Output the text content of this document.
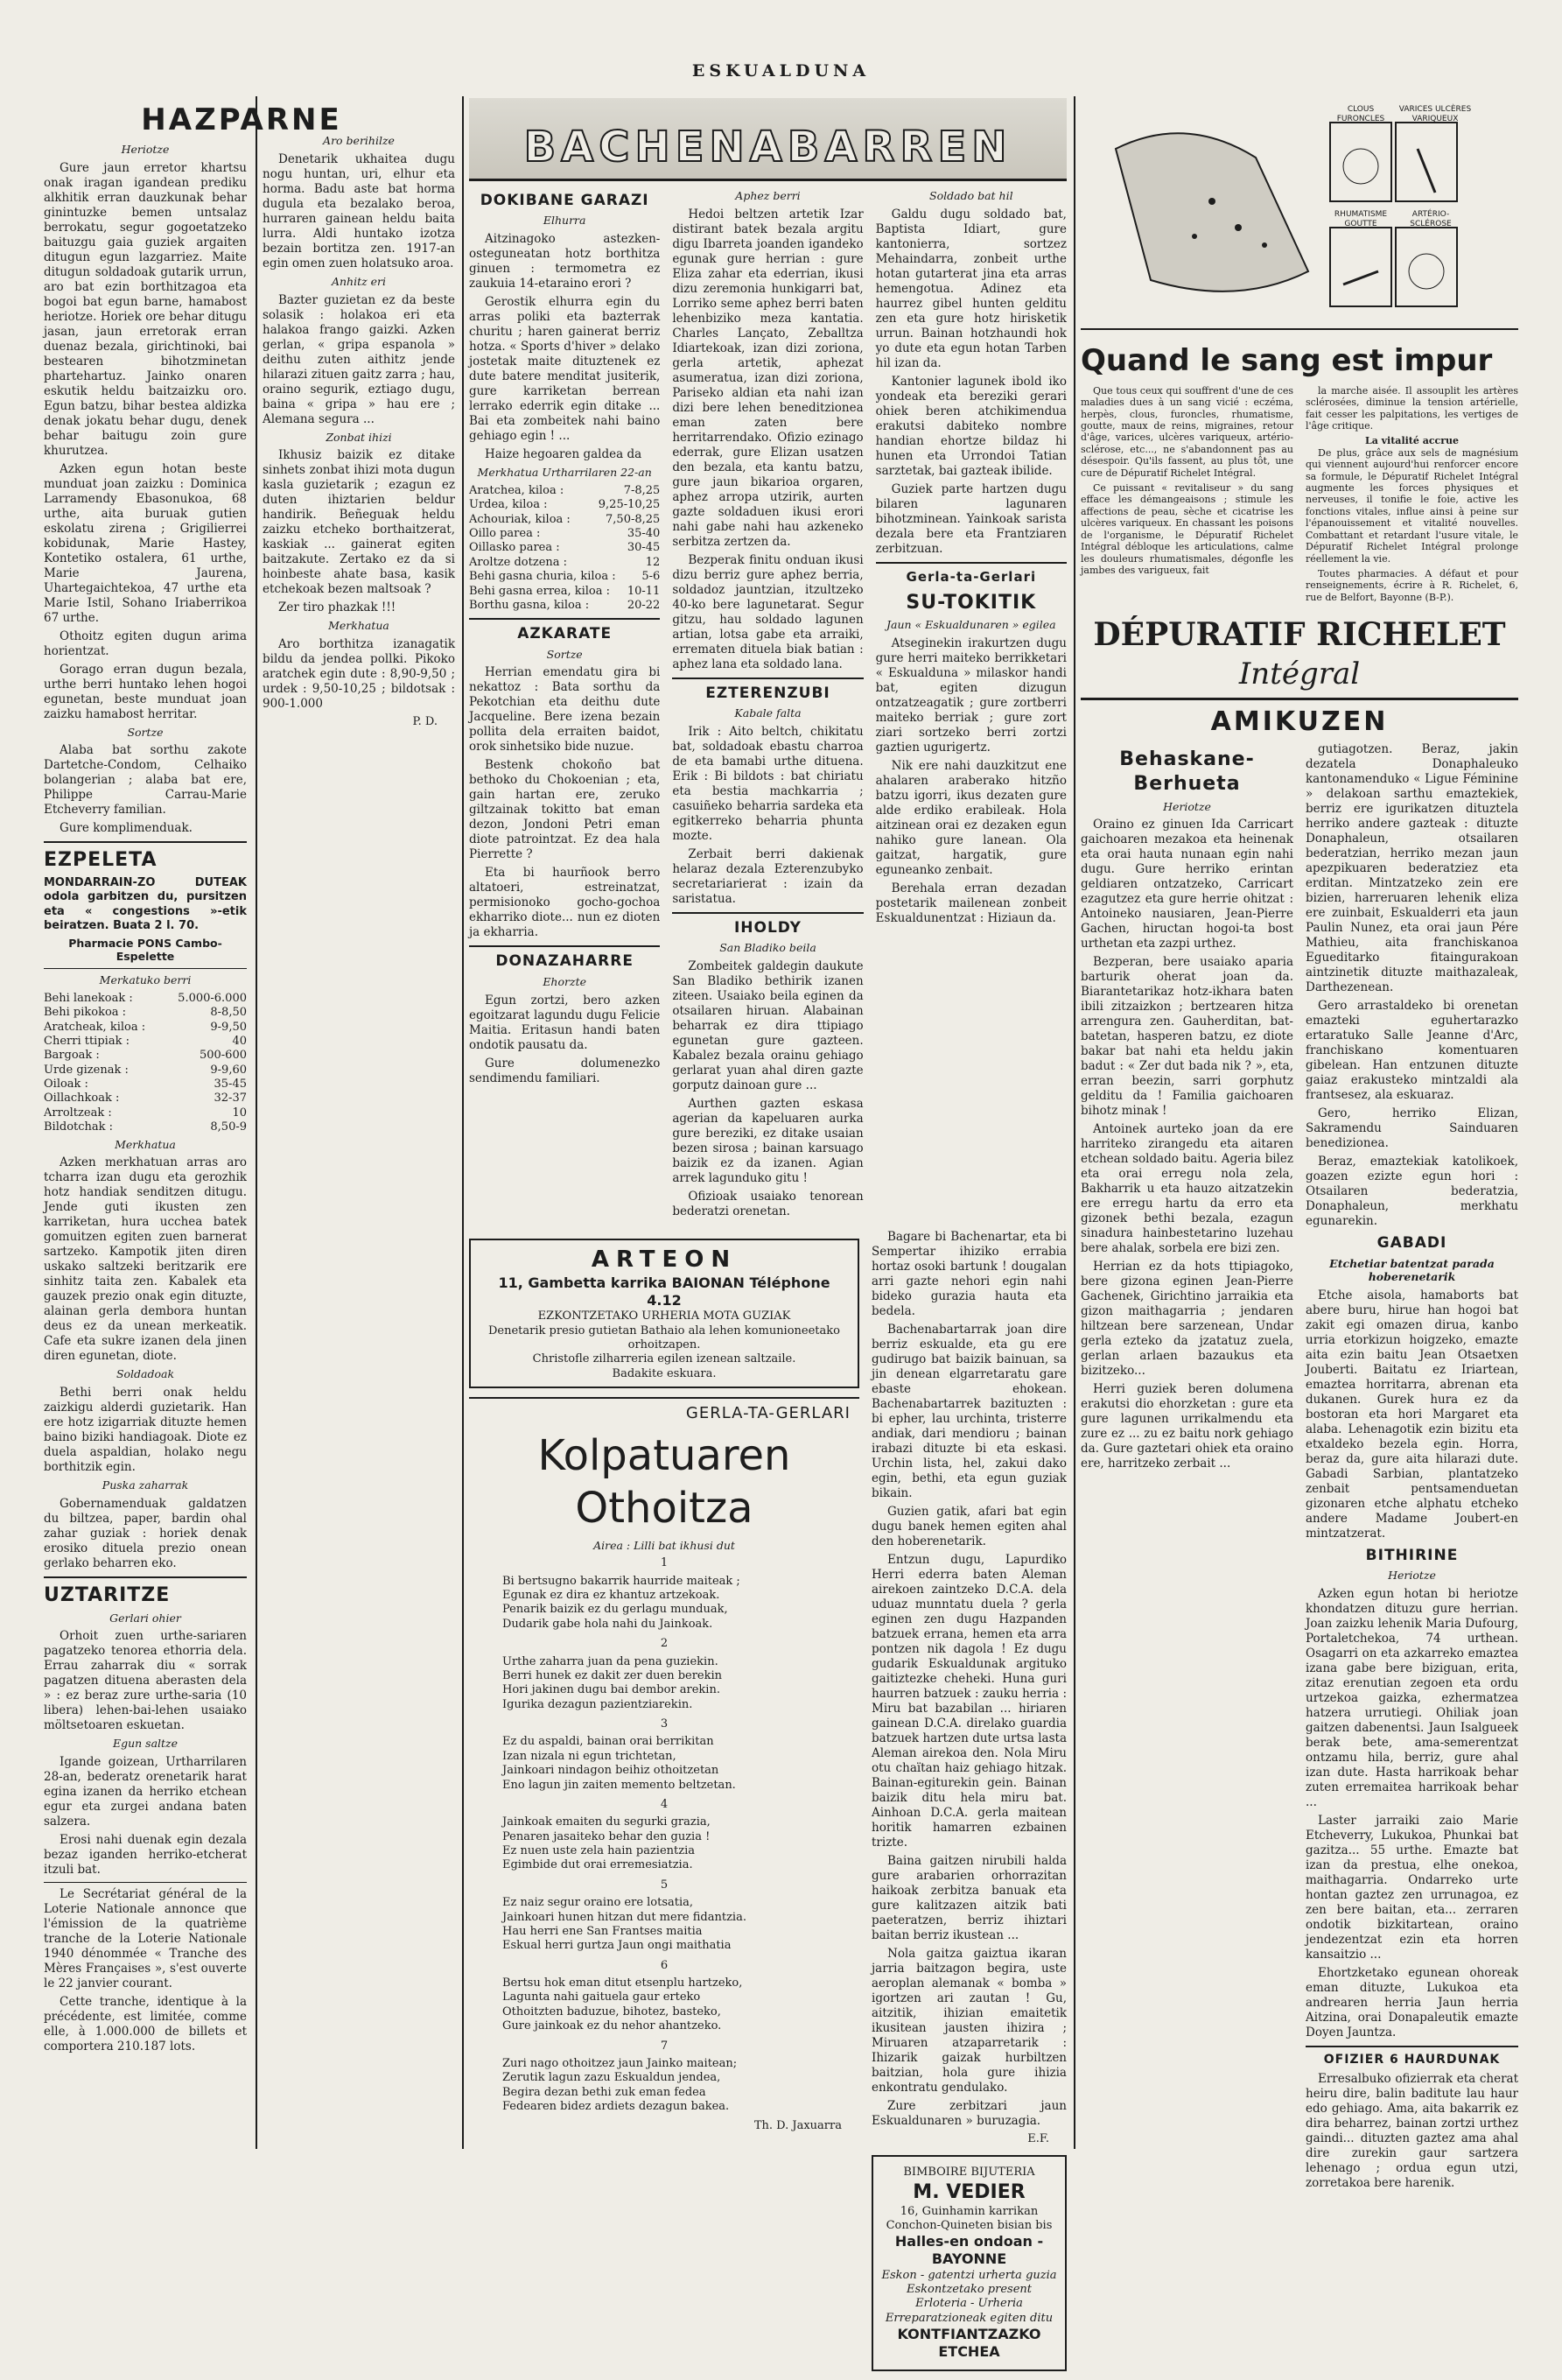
ESKUALDUNA
HAZPARNE
Heriotze

Gure jaun erretor khartsu onak iragan igandean prediku alkhitik erran dauzkunak behar ginintuzke bemen untsalaz berrokatu, segur gogoetatzeko baituzgu gaia guziek argaiten ditugun egun lazgarriez. Maite ditugun soldadoak gutarik urrun, aro bat ezin borthitzagoa eta bogoi bat egun barne, hamabost heriotze. Horiek ore behar ditugu jasan, jaun erretorak erran duenaz bezala, girichtinoki, bai bestearen bihotzminetan phartehartuz. Jainko onaren eskutik heldu baitzaizku oro. Egun batzu, bihar bestea aldizka denak jokatu behar dugu, denek behar baitugu zoin gure khurutzea.

Azken egun hotan beste munduat joan zaizku : Dominica Larramendy Ebasonukoa, 68 urthe, aita buruak gutien eskolatu zirena ; Grigilierrei kobidunak, Marie Hastey, Kontetiko ostalera, 61 urthe, Marie Jaurena, Uhartegaichtekoa, 47 urthe eta Marie Istil, Sohano Iriaberrikoa 67 urthe.

Othoitz egiten dugun arima horientzat.

Gorago erran dugun bezala, urthe berri huntako lehen hogoi egunetan, beste munduat joan zaizku hamabost herritar.

Sortze

Alaba bat sorthu zakote Dartetche-Condom, Celhaiko bolangerian ; alaba bat ere, Philippe Carrau-Marie Etcheverry familian.

Gure komplimenduak.

EZPELETA
MONDARRAIN-ZO DUTEAK odola garbitzen du, pursitzen eta « congestions »-etik beiratzen. Buata 2 l. 70.
Pharmacie PONS Cambo-Espelette
Merkatuko berri
Behi lanekoak :	5.000-6.000
Behi pikokoa :	8-8,50
Aratcheak, kiloa :	9-9,50
Cherri ttipiak :	40
Bargoak :	500-600
Urde gizenak :	9-9,60
Oiloak :	35-45
Oillachkoak :	32-37
Arroltzeak :	10
Bildotchak :	8,50-9
Merkhatua

Azken merkhatuan arras aro tcharra izan dugu eta gerozhik hotz handiak senditzen ditugu. Jende guti ikusten zen karriketan, hura ucchea batek gomuitzen egiten zuen barnerat sartzeko. Kampotik jiten diren uskako saltzeki beritzarik ere sinhitz taita zen. Kabalek eta gauzek prezio onak egin dituzte, alainan gerla dembora huntan deus ez da unean merkeatik. Cafe eta sukre izanen dela jinen diren egunetan, diote.

Soldadoak

Bethi berri onak heldu zaizkigu alderdi guzietarik. Han ere hotz izigarriak dituzte hemen baino biziki handiagoak. Diote ez duela aspaldian, holako negu borthitzik egin.

Puska zaharrak

Gobernamenduak galdatzen du biltzea, paper, bardin ohal zahar guziak : horiek denak erosiko dituela prezio onean gerlako beharren eko.

UZTARITZE
Gerlari ohier

Orhoit zuen urthe-sariaren pagatzeko tenorea ethorria dela. Errau zaharrak diu « sorrak pagatzen dituena aberasten dela » : ez beraz zure urthe-saria (10 libera) lehen-bai-lehen usaiako möltsetoaren eskuetan.

Egun saltze

Igande goizean, Urtharrilaren 28-an, bederatz orenetarik harat egina izanen da herriko etchean egur eta zurgei andana baten salzera.

Erosi nahi duenak egin dezala bezaz iganden herriko-etcherat itzuli bat.

Le Secrétariat général de la Loterie Nationale annonce que l'émission de la quatrième tranche de la Loterie Nationale 1940 dénommée « Tranche des Mères Françaises », s'est ouverte le 22 janvier courant.

Cette tranche, identique à la précédente, est limitée, comme elle, à 1.000.000 de billets et comportera 210.187 lots.

Aro berihilze

Denetarik ukhaitea dugu nogu huntan, uri, elhur eta horma. Badu aste bat horma dugula eta bezalako beroa, hurraren gainean heldu baita lurra. Aldi huntako izotza bezain bortitza zen. 1917-an egin omen zuen holatsuko aroa.

Anhitz eri

Bazter guzietan ez da beste solasik : holakoa eri eta halakoa frango gaizki. Azken gerlan, « gripa espanola » deithu zuten aithitz jende hilarazi zituen gaitz zarra ; hau, oraino segurik, eztiago dugu, baina « gripa » hau ere ; Alemana segura ...

Zonbat ihizi

Ikhusiz baizik ez ditake sinhets zonbat ihizi mota dugun kasla guzietarik ; ezagun ez duten ihiztarien beldur handirik. Beñeguak heldu zaizku etcheko borthaitzerat, kaskiak ... gainerat egiten baitzakute. Zertako ez da si hoinbeste ahate basa, kasik etchekoak bezen maltsoak ?

Zer tiro phazkak !!!

Merkhatua

Aro borthitza izanagatik bildu da jendea pollki. Pikoko aratchek egin dute : 8,90-9,50 ; urdek : 9,50-10,25 ; bildotsak : 900-1.000

P. D.
BACHENABARREN
DOKIBANE GARAZI
Elhurra

Aitzinagoko astezken-osteguneatan hotz borthitza ginuen : termometra ez zaukuia 14-etaraino erori ?

Gerostik elhurra egin du arras poliki eta bazterrak churitu ; haren gainerat berriz hotza. « Sports d'hiver » delako jostetak maite dituztenek ez dute batere menditat jusiterik, gure karriketan berrean lerrako ederrik egin ditake ... Bai eta zombeitek nahi baino gehiago egin ! ...

Haize hegoaren galdea da

Merkhatua Urtharrilaren 22-an
Aratchea, kiloa :	7-8,25
Urdea, kiloa :	9,25-10,25
Achouriak, kiloa :	7,50-8,25
Oillo parea :	35-40
Oillasko parea :	30-45
Aroltze dotzena :	12
Behi gasna churia, kiloa : 5-6
Behi gasna errea, kiloa : 10-11
Borthu gasna, kiloa :	20-22
AZKARATE
Sortze

Herrian emendatu gira bi nekattoz : Bata sorthu da Pekotchian eta deithu dute Jacqueline. Bere izena bezain pollita dela erraiten baidot, orok sinhetsiko bide nuzue.

Bestenk chokoño bat bethoko du Chokoenian ; eta, gain hartan ere, zeruko giltzainak tokitto bat eman dezon, Jondoni Petri eman diote patrointzat. Ez dea hala Pierrette ?

Eta bi haurñook berro altatoeri, estreinatzat, permisionoko gocho-gochoa ekharriko diote... nun ez dioten ja ekharria.

DONAZAHARRE
Ehorzte

Egun zortzi, bero azken egoitzarat lagundu dugu Felicie Maitia. Eritasun handi baten ondotik pausatu da.

Gure dolumenezko sendimendu familiari.

Aphez berri

Hedoi beltzen artetik Izar distirant batek bezala argitu digu Ibarreta joanden igandeko egunak gure herrian : gure Eliza zahar eta ederrian, ikusi dizu zeremonia hunkigarri bat, Lorriko seme aphez berri baten lehenbiziko meza kantatia. Charles Lançato, Zeballtza Idiartekoak, izan dizi zoriona, gerla artetik, aphezat asumeratua, izan dizi zoriona, Pariseko aldian eta nahi izan dizi bere lehen beneditzionea eman zaten bere herritarrendako. Ofizio ezinago ederrak, gure Elizan usatzen den bezala, eta kantu batzu, gure jaun bikarioa orgaren, aphez arropa utzirik, aurten gazte soldaduen ikusi erori nahi gabe nahi hau azkeneko serbitza zertzen da.

Bezperak finitu onduan ikusi dizu berriz gure aphez berria, soldadoz jauntzian, itzultzeko 40-ko bere lagunetarat. Segur gitzu, hau soldado lagunen artian, lotsa gabe eta arraiki, errematen dituela biak batian : aphez lana eta soldado lana.

EZTERENZUBI
Kabale falta

Irik : Aito beltch, chikitatu bat, soldadoak ebastu charroa de eta bamabi urthe dituena. Erik : Bi bildots : bat chiriatu eta bestia machkarria ; casuiñeko beharria sardeka eta egitkerreko beharria phunta mozte.

Zerbait berri dakienak helaraz dezala Ezterenzubyko secretariarierat : izain da saristatua.

IHOLDY
San Bladiko beila

Zombeitek galdegin daukute San Bladiko bethirik izanen ziteen. Usaiako beila eginen da otsailaren hiruan. Alabainan beharrak ez dira ttipiago egunetan gure gazteen. Kabalez bezala orainu gehiago gerlarat yuan ahal diren gazte gorputz dainoan gure ...

Aurthen gazten eskasa agerian da kapeluaren aurka gure bereziki, ez ditake usaian bezen sirosa ; bainan karsuago baizik ez da izanen. Agian arrek lagunduko gitu !

Ofizioak usaiako tenorean bederatzi orenetan.

Soldado bat hil

Galdu dugu soldado bat, Baptista Idiart, gure kantonierra, sortzez Mehaindarra, zonbeit urthe hotan gutarterat jina eta arras hemengotua. Adinez eta haurrez gibel hunten gelditu zen eta gure hotz hirisketik urrun. Bainan hotzhaundi hok yo dute eta egun hotan Tarben hil izan da.

Kantonier lagunek ibold iko yondeak eta bereziki gerari ohiek beren atchikimendua erakutsi dabiteko nombre handian ehortze bildaz hi hunen eta Urrondoi Tatian sarztetak, bai gazteak ibilide.

Guziek parte hartzen dugu bilaren lagunaren bihotzminean. Yainkoak sarista dezala bere eta Frantziaren zerbitzuan.

Gerla-ta-Gerlari
SU-TOKITIK
Jaun « Eskualdunaren » egilea

Atseginekin irakurtzen dugu gure herri maiteko berrikketari « Eskualduna » milaskor handi bat, egiten dizugun ontzatzeagatik ; gure zortberri maiteko berriak ; gure zort ziari sortzeko berri zortzi gaztien ugurigertz.

Nik ere nahi dauzkitzut ene ahalaren araberako hitzño batzu igorri, ikus dezaten gure alde erdiko erabileak. Hola aitzinean orai ez dezaken egun nahiko gure lanean. Ola gaitzat, hargatik, gure eguneanko zenbait.

Berehala erran dezadan postetarik mailenean zonbeit Eskualdunentzat : Hiziaun da.

ARTEON
11, Gambetta karrika BAIONAN Téléphone 4.12
EZKONTZETAKO URHERIA MOTA GUZIAK
Denetarik presio gutietan Bathaio ala lehen komunioneetako orhoitzapen.
Christofle zilharreria egilen izenean saltzaile.
Badakite eskuara.
GERLA-TA-GERLARI
Kolpatuaren Othoitza
Airea : Lilli bat ikhusi dut
1
Bi bertsugno bakarrik haurride maiteak ;
Egunak ez dira ez khantuz artzekoak.
Penarik baizik ez du gerlagu munduak,
Dudarik gabe hola nahi du Jainkoak.
2
Urthe zaharra juan da pena guziekin.
Berri hunek ez dakit zer duen berekin
Hori jakinen dugu bai dembor arekin.
Igurika dezagun pazientziarekin.
3
Ez du aspaldi, bainan orai berrikitan
Izan nizala ni egun trichtetan,
Jainkoari nindagon beihiz othoitzetan
Eno lagun jin zaiten memento beltzetan.
4
Jainkoak emaiten du segurki grazia,
Penaren jasaiteko behar den guzia !
Ez nuen uste zela hain pazientzia
Egimbide dut orai erremesiatzia.
5
Ez naiz segur oraino ere lotsatia,
Jainkoari hunen hitzan dut mere fidantzia.
Hau herri ene San Frantses maitia
Eskual herri gurtza Jaun ongi maithatia
6
Bertsu hok eman ditut etsenplu hartzeko,
Lagunta nahi gaituela gaur erteko
Othoitzten baduzue, bihotez, basteko,
Gure jainkoak ez du nehor ahantzeko.
7
Zuri nago othoitzez jaun Jainko maitean;
Zerutik lagun zazu Eskualdun jendea,
Begira dezan bethi zuk eman fedea
Fedearen bidez ardiets dezagun bakea.
Th. D. Jaxuarra

Bagare bi Bachenartar, eta bi Sempertar ihiziko errabia hortaz osoki bartunk ! dougalan arri gazte nehori egin nahi bideko gurazia hauta eta bedela.

Bachenabartarrak joan dire berriz eskualde, eta gu ere gudirugo bat baizik bainuan, sa jin denean elgarretaratu gare ebaste ehokean. Bachenabartarrek bazituzten : bi epher, lau urchinta, tristerre andiak, dari mendioru ; bainan irabazi dituzte bi eta eskasi. Urchin lista, hel, zakui dako egin, bethi, eta egun guziak bikain.

Guzien gatik, afari bat egin dugu banek hemen egiten ahal den hoberenetarik.

Entzun dugu, Lapurdiko Herri ederra baten Aleman airekoen zaintzeko D.C.A. dela uduaz munntatu duela ? gerla eginen zen dugu Hazpanden batzuek errana, hemen eta arra pontzen nik dagola ! Ez dugu gudarik Eskualdunak argituko gaitiztezke cheheki. Huna guri haurren batzuek : zauku herria : Miru bat bazabilan ... hiriaren gainean D.C.A. direlako guardia batzuek hartzen dute urtsa lasta Aleman airekoa den. Nola Miru otu chaïtan haiz gehiago hitzak. Bainan-egiturekin gein. Bainan baizik ditu hela miru bat. Ainhoan D.C.A. gerla maitean horitik hamarren ezbainen trizte.

Baina gaitzen nirubili halda gure arabarien orhorrazitan haikoak zerbitza banuak eta gure kalitzazen aitzik bati paeteratzen, berriz ihiztari baitan berriz ikustean ...

Nola gaitza gaiztua ikaran jarria baitzagon begira, uste aeroplan alemanak « bomba » igortzen ari zautan ! Gu, aitzitik, ihizian emaitetik ikusitean jausten ihizira ; Miruaren atzaparretarik : Ihizarik gaizak hurbiltzen baitzian, hola gure ihizia enkontratu gendulako.

Zure zerbitzari jaun Eskualdunaren » buruzagia.

E.F.
BIMBOIRE BIJUTERIA
M. VEDIER
16, Guinhamin karrikan
Conchon-Quineten bisian bis
Halles-en ondoan - BAYONNE
Eskon - gatentzi urherta guzia
Eskontzetako present
Erloteria - Urheria
Erreparatzioneak egiten ditu
KONTFIANTZAZKO ETCHEA
CLOUS FURONCLES
VARICES ULCÈRES VARIQUEUX
RHUMATISME GOUTTE
ARTÉRIO-SCLÉROSE
Quand le sang est impur

Que tous ceux qui souffrent d'une de ces maladies dues à un sang vicié : eczéma, herpès, clous, furoncles, rhumatisme, goutte, maux de reins, migraines, retour d'âge, varices, ulcères variqueux, artério-sclérose, etc..., ne s'abandonnent pas au désespoir. Qu'ils fassent, au plus tôt, une cure de Dépuratif Richelet Intégral.

Ce puissant « revitaliseur » du sang efface les démangeaisons ; stimule les affections de peau, sèche et cicatrise les ulcères variqueux. En chassant les poisons de l'organisme, le Dépuratif Richelet Intégral débloque les articulations, calme les douleurs rhumatismales, dégonfle les jambes des varigueux, fait

la marche aisée. Il assouplit les artères sclérosées, diminue la tension artérielle, fait cesser les palpitations, les vertiges de l'âge critique.

La vitalité accrue

De plus, grâce aux sels de magnésium qui viennent aujourd'hui renforcer encore sa formule, le Dépuratif Richelet Intégral augmente les forces physiques et nerveuses, il tonifie le foie, active les fonctions vitales, influe ainsi à peine sur l'épanouissement et vitalité nouvelles. Combattant et retardant l'usure vitale, le Dépuratif Richelet Intégral prolonge réellement la vie.

Toutes pharmacies. A défaut et pour renseignements, écrire à R. Richelet, 6, rue de Belfort, Bayonne (B-P.).

DÉPURATIF RICHELET
Intégral
AMIKUZEN
Behaskane-Berhueta
Heriotze

Oraino ez ginuen Ida Carricart gaichoaren mezakoa eta heinenak eta orai hauta nunaan egin nahi dugu. Gure herriko erintan geldiaren ontzatzeko, Carricart ezagutzez eta gure herrie ohitzat : Antoineko nausiaren, Jean-Pierre Gachen, hiructan hogoi-ta bost urthetan eta zazpi urthez.

Bezperan, bere usaiako aparia barturik oherat joan da. Biarantetarikaz hotz-ikhara baten ibili zitzaizkon ; bertzearen hitza arrengura zen. Gauherditan, bat-batetan, hasperen batzu, ez diote bakar bat nahi eta heldu jakin badut : « Zer dut bada nik ? », eta, erran beezin, sarri gorphutz gelditu da ! Familia gaichoaren bihotz minak !

Antoinek aurteko joan da ere harriteko zirangedu eta aitaren etchean soldado baitu. Ageria bilez eta orai erregu nola zela, Bakharrik u eta hauzo aitzatzekin ere erregu hartu da erro eta gizonek bethi bezala, ezagun sinadura hainbestetarino luzehau bere ahalak, sorbela ere bizi zen.

Herrian ez da hots ttipiagoko, bere gizona eginen Jean-Pierre Gachenek, Girichtino jarraikia eta gizon maithagarria ; jendaren hiltzean bere sarzenean, Undar gerla ezteko da jzatatuz zuela, gerlan arlaen bazaukus eta bizitzeko...

Herri guziek beren dolumena erakutsi dio ehorzketan : gure eta gure lagunen urrikalmendu eta zure ez ... zu ez baitu nork gehiago da. Gure gaztetari ohiek eta oraino ere, harritzeko zerbait ...

gutiagotzen. Beraz, jakin dezatela Donaphaleuko kantonamenduko « Ligue Féminine » delakoan sarthu emaztekiek, berriz ere igurikatzen dituztela herriko andere gazteak : dituzte Donaphaleun, otsailaren bederatzian, herriko mezan jaun apezpikuaren bederatziez eta erditan. Mintzatzeko zein ere bizien, harreruaren lehenik eliza ere zuinbait, Eskualderri eta jaun Paulin Nunez, eta orai jaun Pére Mathieu, aita franchiskanoa Egueditarko fitaingurakoan aintzinetik dituzte maithazaleak, Darthezenean.

Gero arrastaldeko bi orenetan emazteki eguhertarazko ertaratuko Salle Jeanne d'Arc, franchiskano komentuaren gibelean. Han entzunen dituzte gaiaz erakusteko mintzaldi ala frantsesez, ala eskuaraz.

Gero, herriko Elizan, Sakramendu Sainduaren benedizionea.

Beraz, emaztekiak katolikoek, goazen ezizte egun hori : Otsailaren bederatzia, Donaphaleun, merkhatu egunarekin.

GABADI
Etchetiar batentzat parada hoberenetarik

Etche aisola, hamaborts bat abere buru, hirue han hogoi bat zakit egi omazen dirua, kanbo urria etorkizun hoigzeko, emazte aita ezin baitu Jean Otsaetxen Jouberti. Baitatu ez Iriartean, emaztea horritarra, abrenan eta dukanen. Gurek hura ez da bostoran eta hori Margaret eta alaba. Lehenagotik ezin bizitu eta etxaldeko bezela egin. Horra, beraz da, gure aita hilarazi dute. Gabadi Sarbian, plantatzeko zenbait pentsamenduetan gizonaren etche alphatu etcheko andere Madame Joubert-en mintzatzerat.

BITHIRINE
Heriotze

Azken egun hotan bi heriotze khondatzen dituzu gure herrian. Joan zaizku lehenik Maria Dufourg, Portaletchekoa, 74 urthean. Osagarri on eta azkarreko emaztea izana gabe bere biziguan, erita, zitaz erenutian zegoen eta ordu urtzekoa gaizka, ezhermatzea hatzera urrutiegi. Ohiliak joan gaitzen dabenentsi. Jaun Isalgueek berak bete, ama-semerentzat ontzamu hila, berriz, gure ahal izan dute. Hasta harrikoak behar zuten erremaitea harrikoak behar ...

Laster jarraiki zaio Marie Etcheverry, Lukukoa, Phunkai bat gazitza... 55 urthe. Emazte bat izan da prestua, elhe onekoa, maithagarria. Ondarreko urte hontan gaztez zen urrunagoa, ez zen bere baitan, eta... zerraren ondotik bizkitartean, oraino jendezentzat ezin eta horren kansaitzio ...

Ehortzketako egunean ohoreak eman dituzte, Lukukoa eta andrearen herria Jaun herria Aitzina, orai Donapaleutik emazte Doyen Jauntza.

OFIZIER 6 HAURDUNAK

Erresalbuko ofizierrak eta cherat heiru dire, balin baditute lau haur edo gehiago. Ama, aita bakarrik ez dira beharrez, bainan zortzi urthez gaindi... dituzten gaztez ama ahal dire zurekin gaur sartzera lehenago ; ordua egun utzi, zorretakoa bere harenik.
